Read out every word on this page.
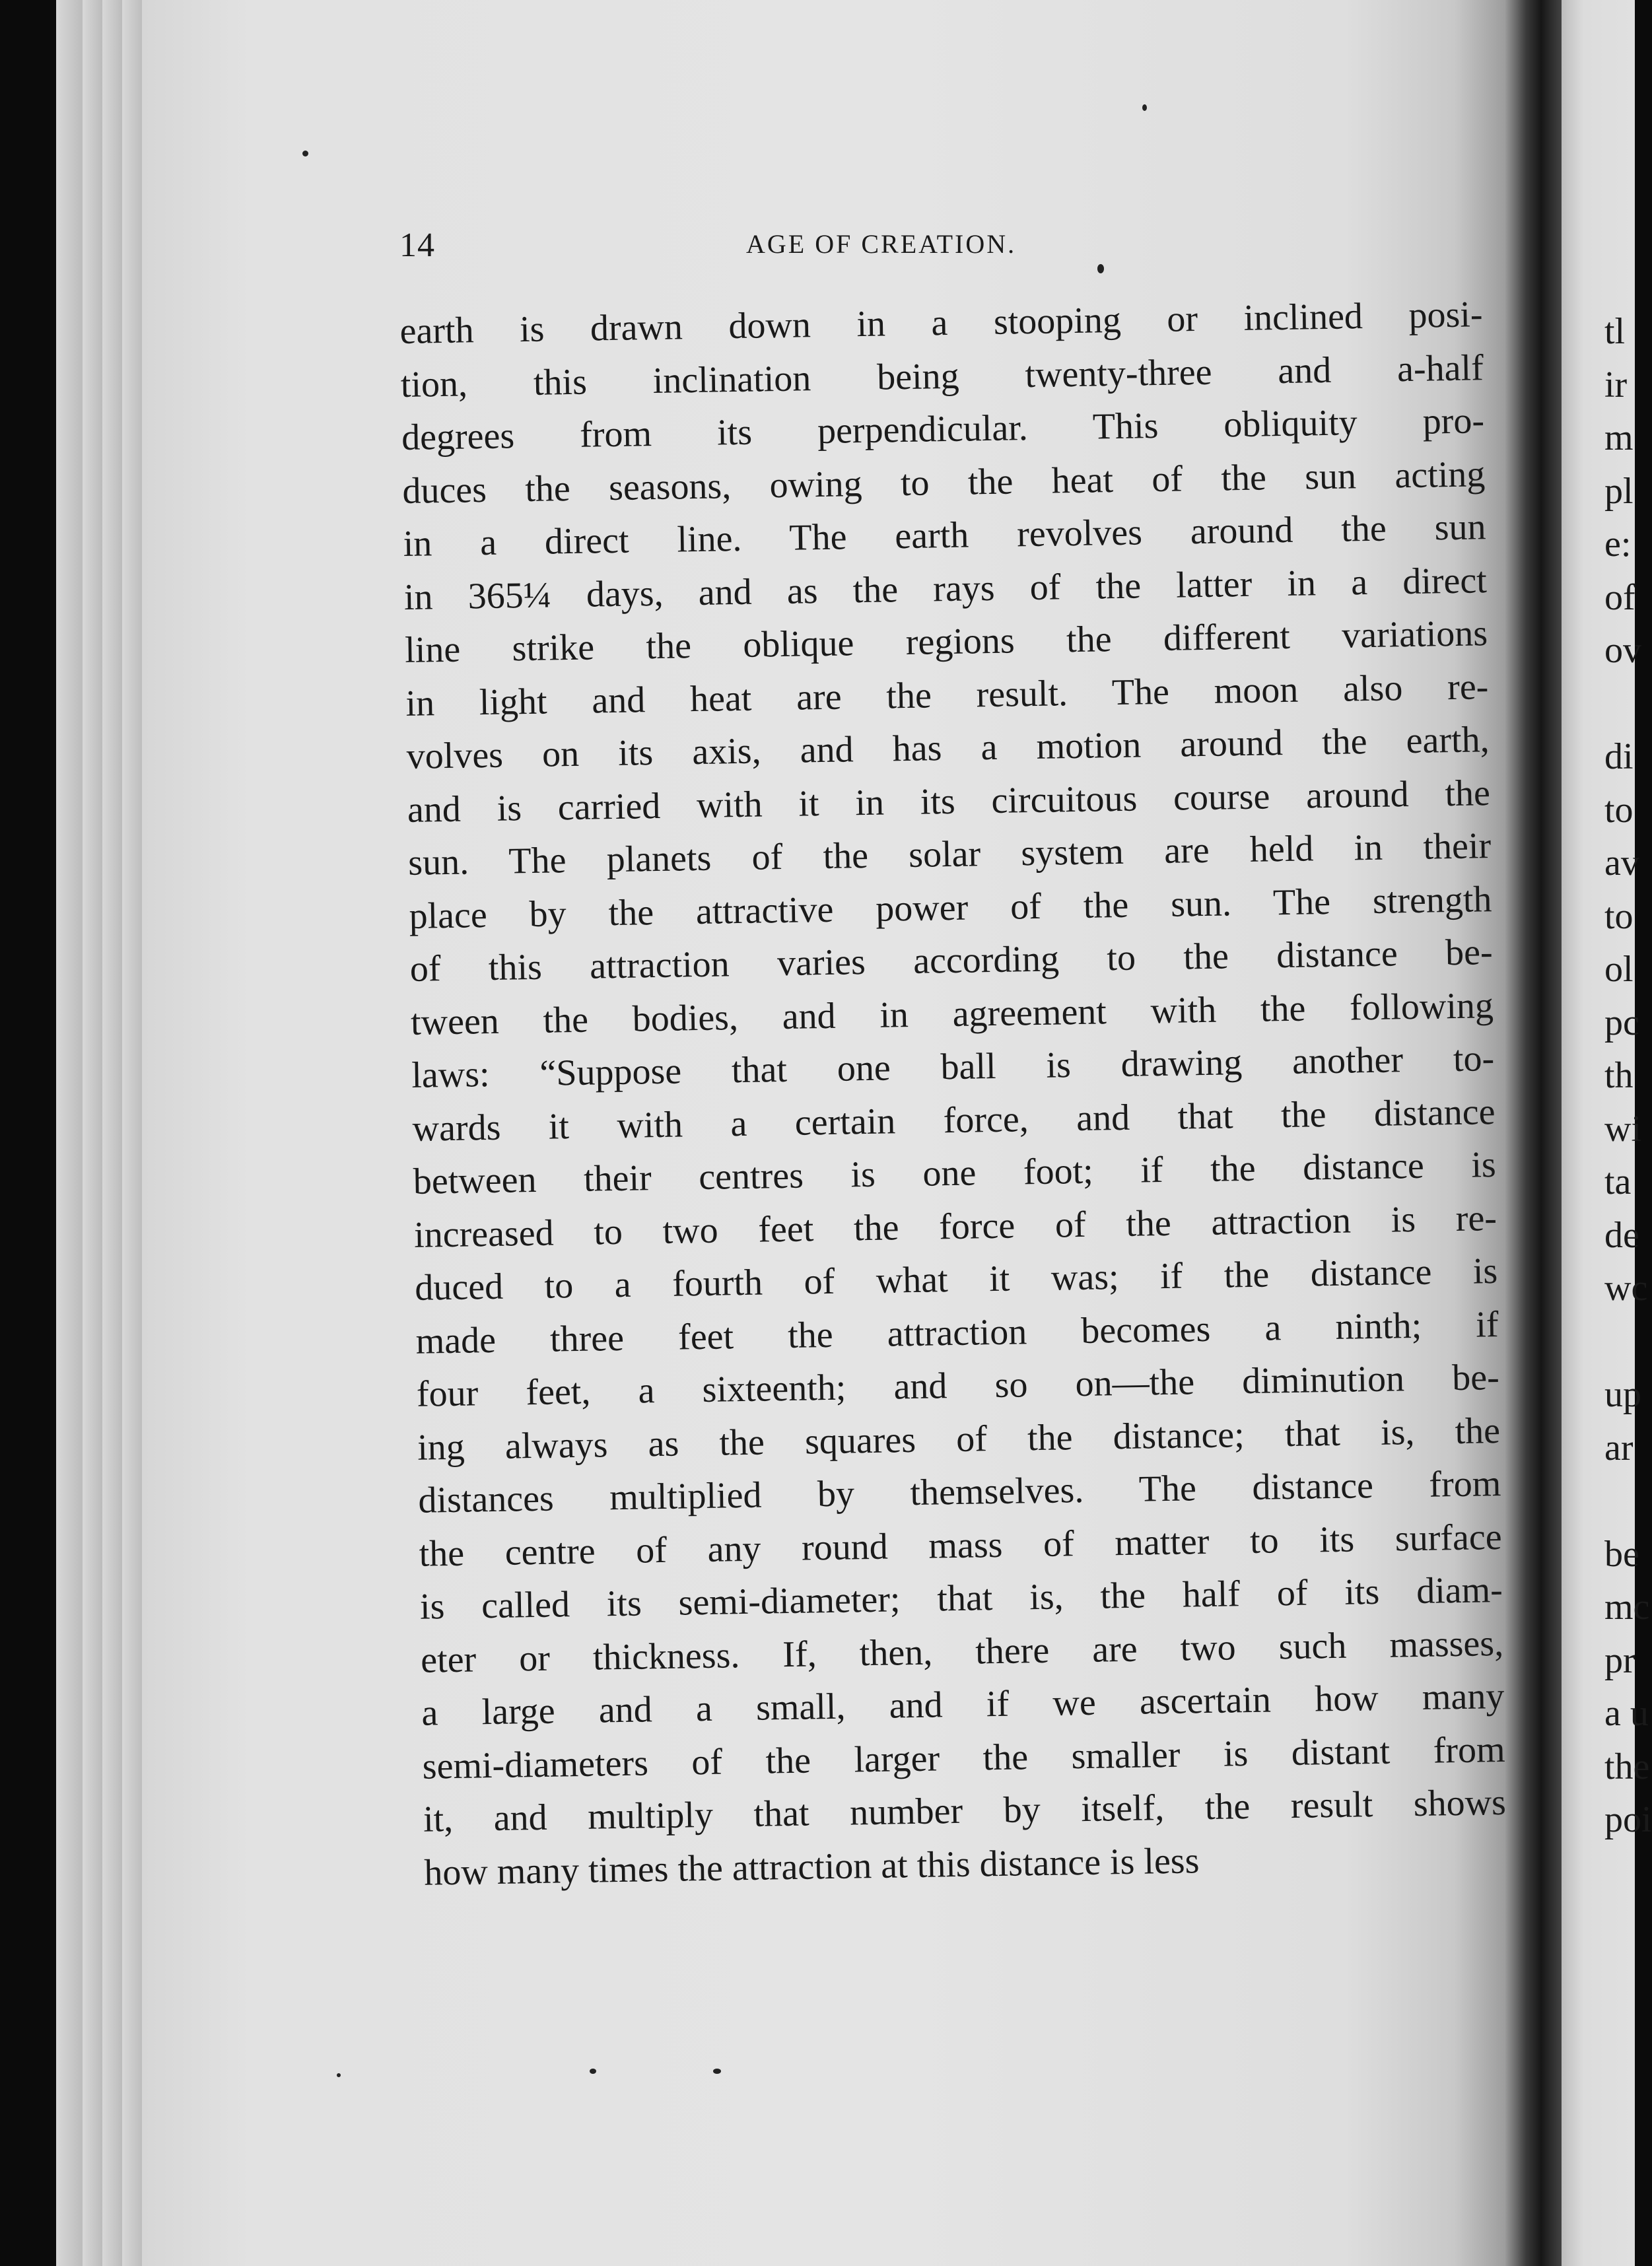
14	AGE OF CREATION.
earth is drawn down in a stooping or inclined posi-
tion, this inclination being twenty-three and a-half
degrees from its perpendicular. This obliquity pro-
duces the seasons, owing to the heat of the sun acting
in a direct line. The earth revolves around the sun
in 365¼ days, and as the rays of the latter in a direct
line strike the oblique regions the different variations
in light and heat are the result. The moon also re-
volves on its axis, and has a motion around the earth,
and is carried with it in its circuitous course around the
sun. The planets of the solar system are held in their
place by the attractive power of the sun. The strength
of this attraction varies according to the distance be-
tween the bodies, and in agreement with the following
laws: “Suppose that one ball is drawing another to-
wards it with a certain force, and that the distance
between their centres is one foot; if the distance is
increased to two feet the force of the attraction is re-
duced to a fourth of what it was; if the distance is
made three feet the attraction becomes a ninth; if
four feet, a sixteenth; and so on—the diminution be-
ing always as the squares of the distance; that is, the
distances multiplied by themselves. The distance from
the centre of any round mass of matter to its surface
is called its semi-diameter; that is, the half of its diam-
eter or thickness. If, then, there are two such masses,
a large and a small, and if we ascertain how many
semi-diameters of the larger the smaller is distant from
it, and multiply that number by itself, the result shows
how many times the attraction at this distance is less
tl
ir
m
pl
e:
of
ov
di
to
av
to
ol
pc
th
wi
ta
de
wc
up
ar
be
mc
pr
a u
the
poi
